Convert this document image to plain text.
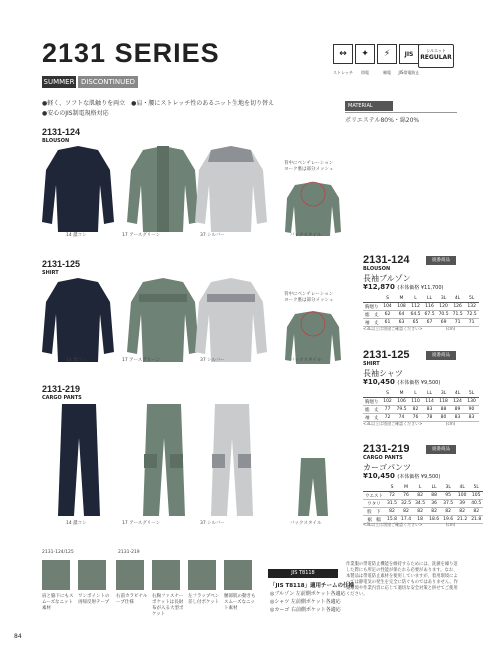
2131 SERIES
SUMMER DISCONTINUED
↔	✦	⚡	JIS
ストレッチ	帯電	制電	JIS帯電防止
シルエット
REGULAR
●軽く、ソフトな肌触りを両立　●肩・腰にストレッチ性のあるニット生地を切り替え
●安心のJIS制電規格対応
MATERIAL
ポリエステル80%・綿20%
2131-124
BLOUSON
14 濃コン	17 アースグリーン	37 シルバー	バックスタイル
背中にベンチレーション
ヨーク裏は部分メッシュ
2131-125
SHIRT
14 濃コン	17 アースグリーン	37 シルバー	バックスタイル
背中にベンチレーション
ヨーク裏は部分メッシュ
2131-219
CARGO PANTS
14 濃コン	17 アースグリーン	37 シルバー	バックスタイル
2131-124	廃番商品
BLOUSON
長袖ブルゾン
¥12,870 (本体価格 ¥11,700)
	S	M	L	LL	3L	4L	5L
胸廻り	104	108	112	116	120	126	132
総　丈	62	64	64.5	67.5	70.5	71.5	72.5
袖　丈	61	63	65	67	69	71	71
<3L以上は別途ご確認ください>	(cm)
2131-125	廃番商品
SHIRT
長袖シャツ
¥10,450 (本体価格 ¥9,500)
	S	M	L	LL	3L	4L	5L
胸廻り	102	106	110	114	118	124	130
総　丈	77	79.5	82	83	88	89	90
袖　丈	72	74	76	78	80	83	83
<3L以上は別途ご確認ください>	(cm)
2131-219	廃番商品
CARGO PANTS
カーゴパンツ
¥10,450 (本体価格 ¥9,500)
	S	M	L	LL	3L	4L	5L
ウエスト	72	76	82	88	95	100	105
ワタリ	31.5	32.5	34.5	36	37.5	39	40.5
股　下	82	82	82	82	82	82	82
裾　幅	15.8	17.4	18	18.6	19.6	21.2	21.8
<3L以上は別途ご確認ください>	(cm)
2131-124/125	2131-219
肩と脇下にもスムーズなニット素材
ワンポイントの再帰反射テープ
右前カラビナループ仕様
右胸ファスナーポケットは長財布が入る大型ポケット
左フラップペン差し付ポケット
腰部肌の動きもスムーズなニット素材
JIS T8118
「JIS T8118」適用チームの仕様
◎ブルゾン 左前側ポケット各適応
◎シャツ 左前側ポケット各適応
◎カーゴ 右前側ポケット各適応
作業服の帯電防止機能を維持するためには、洗濯を繰り返した際にも所定の性能が保たれる必要があります。なお、本製品は帯電防止素材を使用していますが、着用環境によっては静電気の発生を完全に防ぐものではありません。作業環境や作業内容に応じて適切な安全対策と併せてご使用ください。
84
